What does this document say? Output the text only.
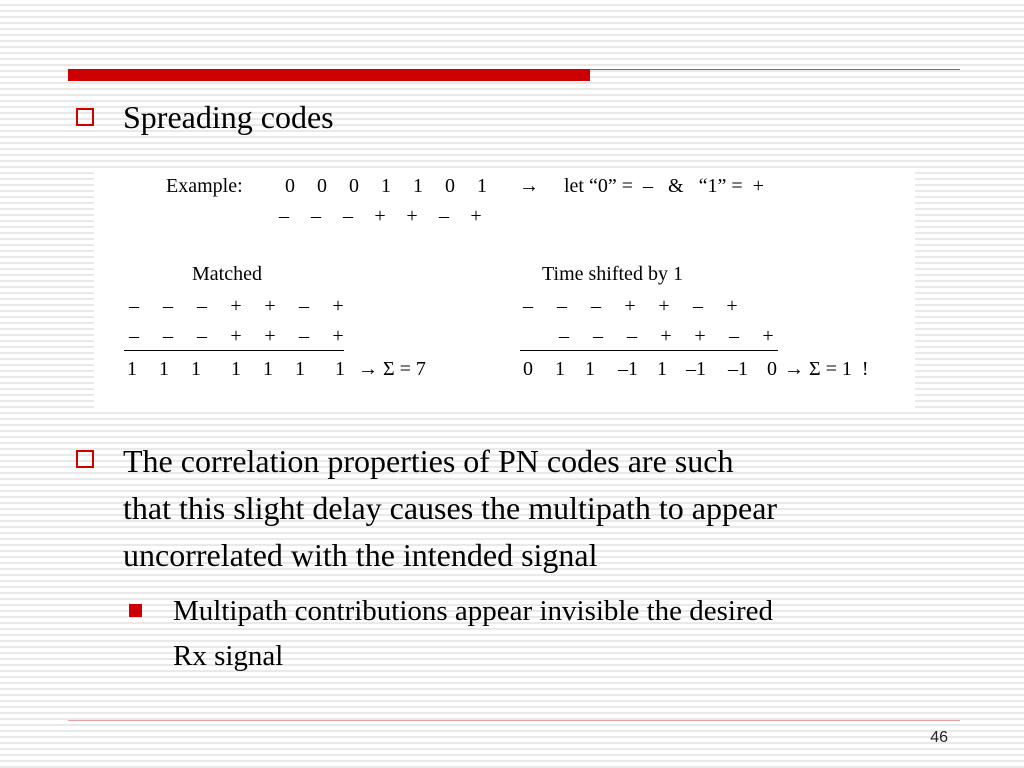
Spreading codes
Example: 0 0 0 1 1 0 1 → let “0” =  –   &   “1” =  +
– – – + + – +
Matched
– – – + + – +
– – – + + – +
1 1 1 1 1 1 1 → Σ = 7
Time shifted by 1
– – – + + – +
– – – + + – +
0 1 1 –1 1 –1 –1 0 → Σ = 1  !
The correlation properties of PN codes are such
that this slight delay causes the multipath to appear
uncorrelated with the intended signal
Multipath contributions appear invisible the desired
Rx signal
46
